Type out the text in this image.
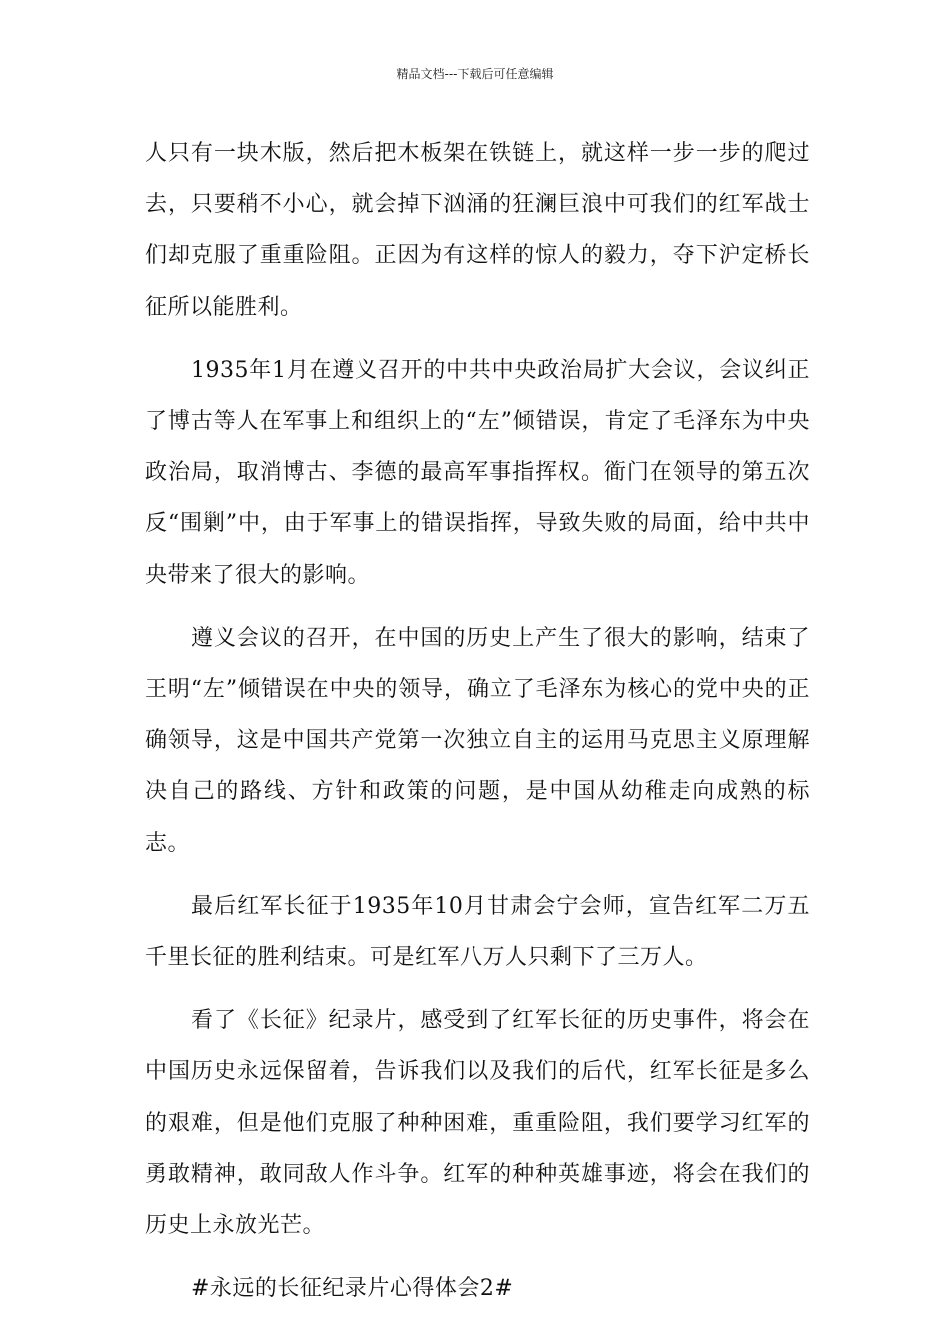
精品文档---下载后可任意编辑

人只有一块木版，然后把木板架在铁链上，就这样一步一步的爬过去，只要稍不小心，就会掉下汹涌的狂澜巨浪中可我们的红军战士们却克服了重重险阻。正因为有这样的惊人的毅力，夺下沪定桥长征所以能胜利。

1935年1月在遵义召开的中共中央政治局扩大会议，会议纠正了博古等人在军事上和组织上的“左”倾错误，肯定了毛泽东为中央政治局，取消博古、李德的最高军事指挥权。衜门在领导的第五次反“围剿”中，由于军事上的错误指挥，导致失败的局面，给中共中央带来了很大的影响。

遵义会议的召开，在中国的历史上产生了很大的影响，结束了王明“左”倾错误在中央的领导，确立了毛泽东为核心的党中央的正确领导，这是中国共产党第一次独立自主的运用马克思主义原理解决自己的路线、方针和政策的问题，是中国从幼稚走向成熟的标志。

最后红军长征于1935年10月甘肃会宁会师，宣告红军二万五千里长征的胜利结束。可是红军八万人只剩下了三万人。

看了《长征》纪录片，感受到了红军长征的历史事件，将会在中国历史永远保留着，告诉我们以及我们的后代，红军长征是多么的艰难，但是他们克服了种种困难，重重险阻，我们要学习红军的勇敢精神，敢同敌人作斗争。红军的种种英雄事迹，将会在我们的历史上永放光芒。

#永远的长征纪录片心得体会2#
